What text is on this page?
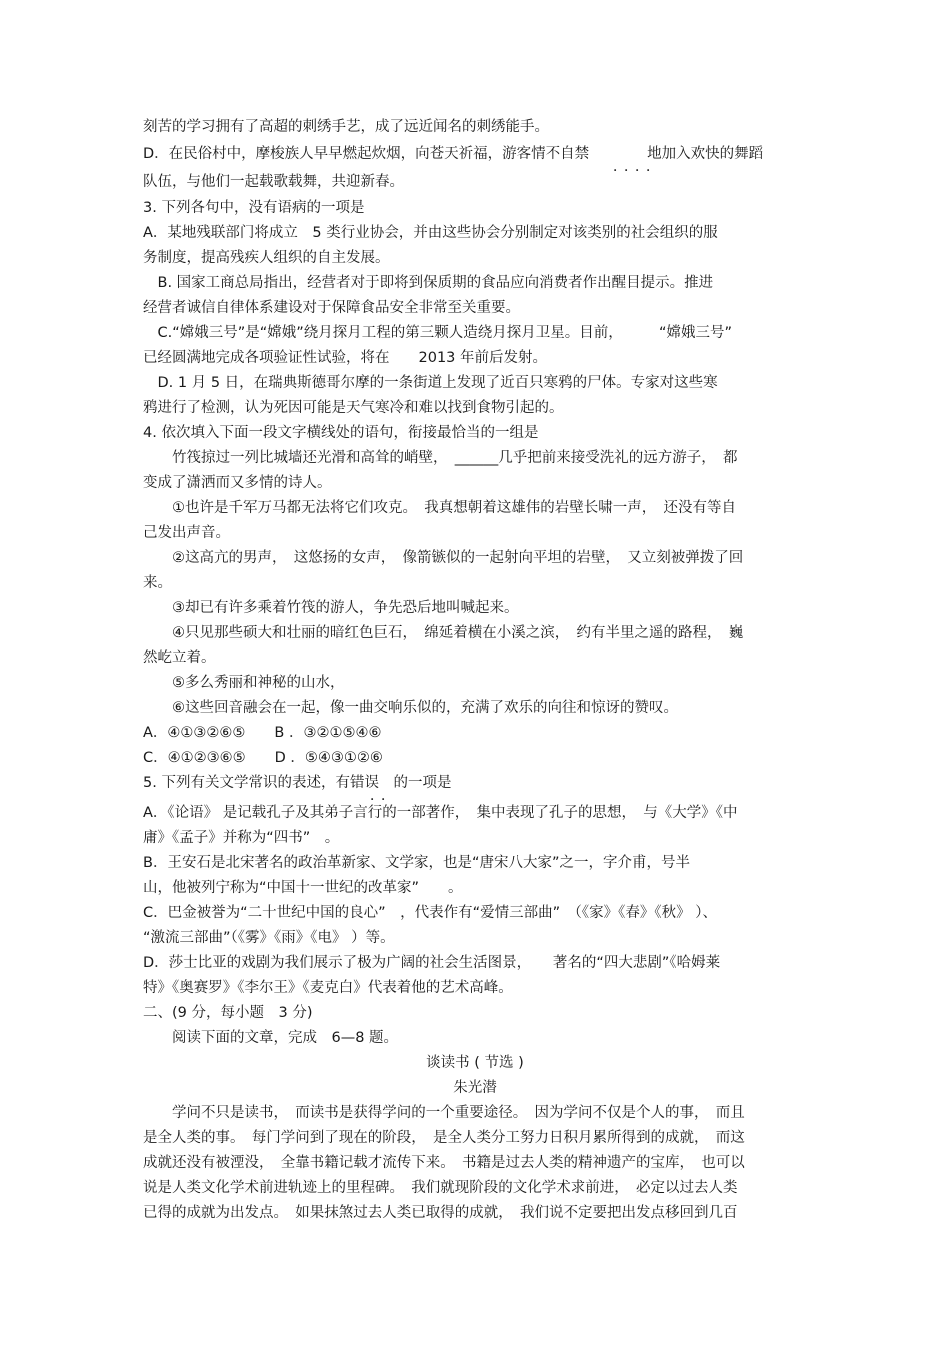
刻苦的学习拥有了高超的刺绣手艺，成了远近闻名的刺绣能手。
D．在民俗村中，摩梭族人早早燃起炊烟，向苍天祈福，游客情不自禁　　　　地加入欢快的舞蹈
．．．．
队伍，与他们一起载歌载舞，共迎新春。
3. 下列各句中，没有语病的一项是
A．某地残联部门将成立　5 类行业协会，并由这些协会分别制定对该类别的社会组织的服
务制度，提高残疾人组织的自主发展。
　B. 国家工商总局指出，经营者对于即将到保质期的食品应向消费者作出醒目提示。推进
经营者诚信自律体系建设对于保障食品安全非常至关重要。
　C.“嫦娥三号”是“嫦娥”绕月探月工程的第三颗人造绕月探月卫星。目前，　　　“嫦娥三号”
已经圆满地完成各项验证性试验，将在　　2013 年前后发射。
　D. 1 月 5 日，在瑞典斯德哥尔摩的一条街道上发现了近百只寒鸦的尸体。专家对这些寒
鸦进行了检测，认为死因可能是天气寒冷和难以找到食物引起的。
4. 依次填入下面一段文字横线处的语句，衔接最恰当的一组是
　　竹筏掠过一列比城墙还光滑和高耸的峭壁，　______几乎把前来接受洗礼的远方游子，　都
变成了潇洒而又多情的诗人。
　　①也许是千军万马都无法将它们攻克。　我真想朝着这雄伟的岩壁长啸一声，　还没有等自
己发出声音。
　　②这高亢的男声，　这悠扬的女声，　像箭镞似的一起射向平坦的岩壁，　又立刻被弹拨了回
来。
　　③却已有许多乘着竹筏的游人，争先恐后地叫喊起来。
　　④只见那些硕大和壮丽的暗红色巨石，　绵延着横在小溪之滨，　约有半里之遥的路程，　巍
然屹立着。
　　⑤多么秀丽和神秘的山水，
　　⑥这些回音融会在一起，像一曲交响乐似的，充满了欢乐的向往和惊讶的赞叹。
A．④①③②⑥⑤　　B ．③②①⑤④⑥
C．④①②③⑥⑤　　D ．⑤④③①②⑥
5. 下列有关文学常识的表述，有错误　的一项是
．．
A．《论语》 是记载孔子及其弟子言行的一部著作，　集中表现了孔子的思想，　与《大学》《中
庸》《孟子》并称为“四书”　。
B．王安石是北宋著名的政治革新家、文学家，也是“唐宋八大家”之一，字介甫，号半
山，他被列宁称为“中国十一世纪的改革家”　　。
C．巴金被誉为“二十世纪中国的良心”　，代表作有“爱情三部曲”　（《家》《春》《秋》 ）、
“激流三部曲”（《雾》《雨》《电》 ）等。
D．莎士比亚的戏剧为我们展示了极为广阔的社会生活图景，　　著名的“四大悲剧”《哈姆莱
特》《奥赛罗》《李尔王》《麦克白》代表着他的艺术高峰。
二、(9 分，每小题　3 分)
　　阅读下面的文章，完成　6—8 题。
谈读书 ( 节选 )
朱光潜
　　学问不只是读书，　而读书是获得学问的一个重要途径。　因为学问不仅是个人的事，　而且
是全人类的事。　每门学问到了现在的阶段，　是全人类分工努力日积月累所得到的成就，　而这
成就还没有被湮没，　全靠书籍记载才流传下来。　书籍是过去人类的精神遗产的宝库，　也可以
说是人类文化学术前进轨迹上的里程碑。　我们就现阶段的文化学术求前进，　必定以过去人类
已得的成就为出发点。　如果抹煞过去人类已取得的成就，　我们说不定要把出发点移回到几百
